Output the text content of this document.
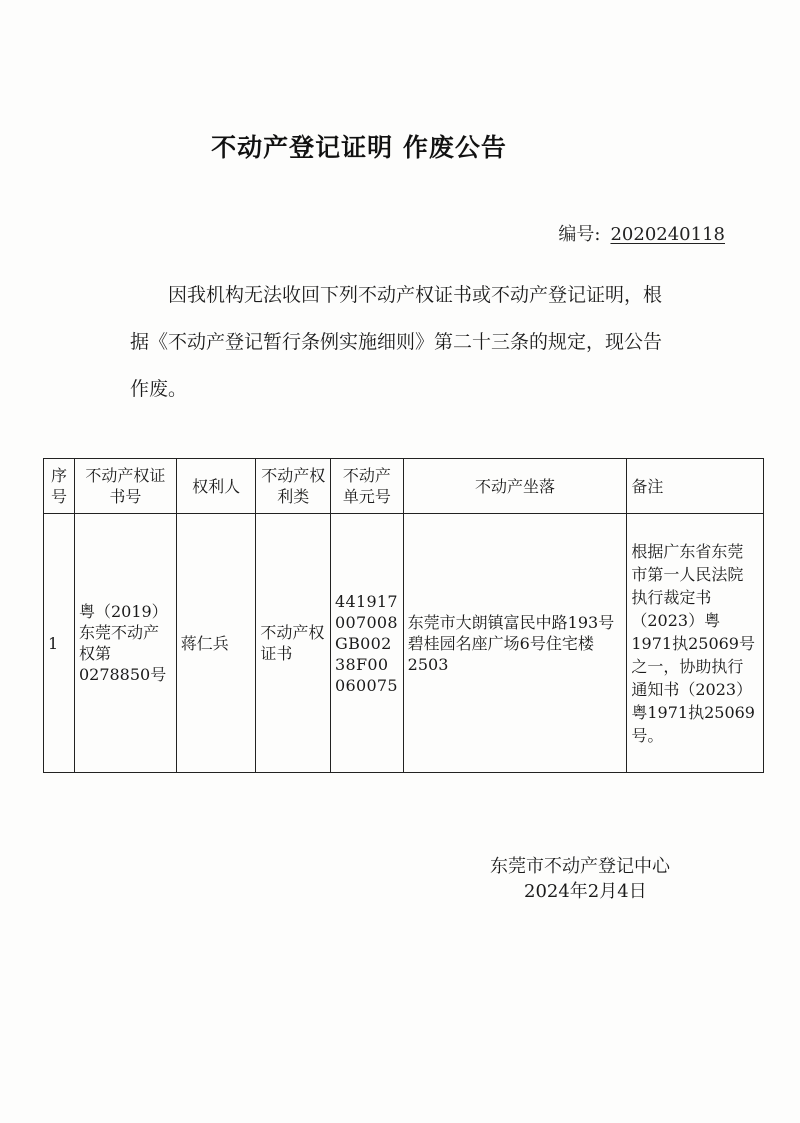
不动产登记证明 作废公告
编号: 2020240118
因我机构无法收回下列不动产权证书或不动产登记证明，根
据《不动产登记暂行条例实施细则》第二十三条的规定，现公告
作废。
序号	不动产权证书号	权利人	不动产权利类	不动产单元号	不动产坐落	备注
1	粤（2019）东莞不动产权第0278850号	蒋仁兵	不动产权证书	441917007008GB00238F00060075	东莞市大朗镇富民中路193号碧桂园名座广场6号住宅楼2503	根据广东省东莞市第一人民法院执行裁定书（2023）粤1971执25069号之一，协助执行通知书（2023）粤1971执25069号。
东莞市不动产登记中心
2024年2月4日
